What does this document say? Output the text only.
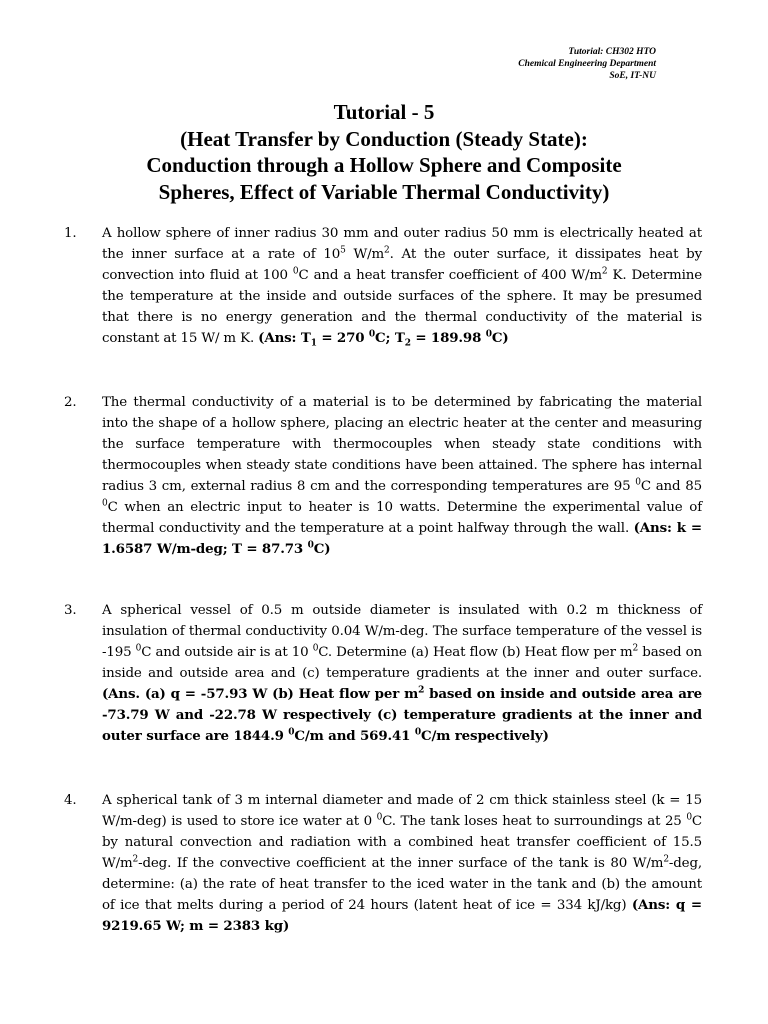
Tutorial: CH302 HTO
Chemical Engineering Department
SoE, IT-NU
Tutorial - 5
(Heat Transfer by Conduction (Steady State):
Conduction through a Hollow Sphere and Composite
Spheres, Effect of Variable Thermal Conductivity)
1. A hollow sphere of inner radius 30 mm and outer radius 50 mm is electrically heated at the inner surface at a rate of $10^5$ $W/m^2$. At the outer surface, it dissipates heat by convection into fluid at 100 $^0$C and a heat transfer coefficient of 400 $W/m^2$ K. Determine the temperature at the inside and outside surfaces of the sphere. It may be presumed that there is no energy generation and the thermal conductivity of the material is constant at 15 W/ m K. (Ans: $T_1 = 270$ $^0$C; $T_2 = 189.98$ $^0$C)
2. The thermal conductivity of a material is to be determined by fabricating the material into the shape of a hollow sphere, placing an electric heater at the center and measuring the surface temperature with thermocouples when steady state conditions with thermocouples when steady state conditions have been attained. The sphere has internal radius 3 cm, external radius 8 cm and the corresponding temperatures are 95 $^0$C and 85 $^0$C when an electric input to heater is 10 watts. Determine the experimental value of thermal conductivity and the temperature at a point halfway through the wall. (Ans: k = 1.6587 W/m-deg; T = 87.73 $^0$C)
3. A spherical vessel of 0.5 m outside diameter is insulated with 0.2 m thickness of insulation of thermal conductivity 0.04 W/m-deg. The surface temperature of the vessel is -195 $^0$C and outside air is at 10 $^0$C. Determine (a) Heat flow (b) Heat flow per $m^2$ based on inside and outside area and (c) temperature gradients at the inner and outer surface. (Ans. (a) q = -57.93 W (b) Heat flow per $m^2$ based on inside and outside area are -73.79 W and -22.78 W respectively (c) temperature gradients at the inner and outer surface are 1844.9 $^0$C/m and 569.41 $^0$C/m respectively)
4. A spherical tank of 3 m internal diameter and made of 2 cm thick stainless steel (k = 15 W/m-deg) is used to store ice water at 0 $^0$C. The tank loses heat to surroundings at 25 $^0$C by natural convection and radiation with a combined heat transfer coefficient of 15.5 $W/m^2$-deg. If the convective coefficient at the inner surface of the tank is 80 $W/m^2$-deg, determine: (a) the rate of heat transfer to the iced water in the tank and (b) the amount of ice that melts during a period of 24 hours (latent heat of ice = 334 kJ/kg) (Ans: q = 9219.65 W; m = 2383 kg)
